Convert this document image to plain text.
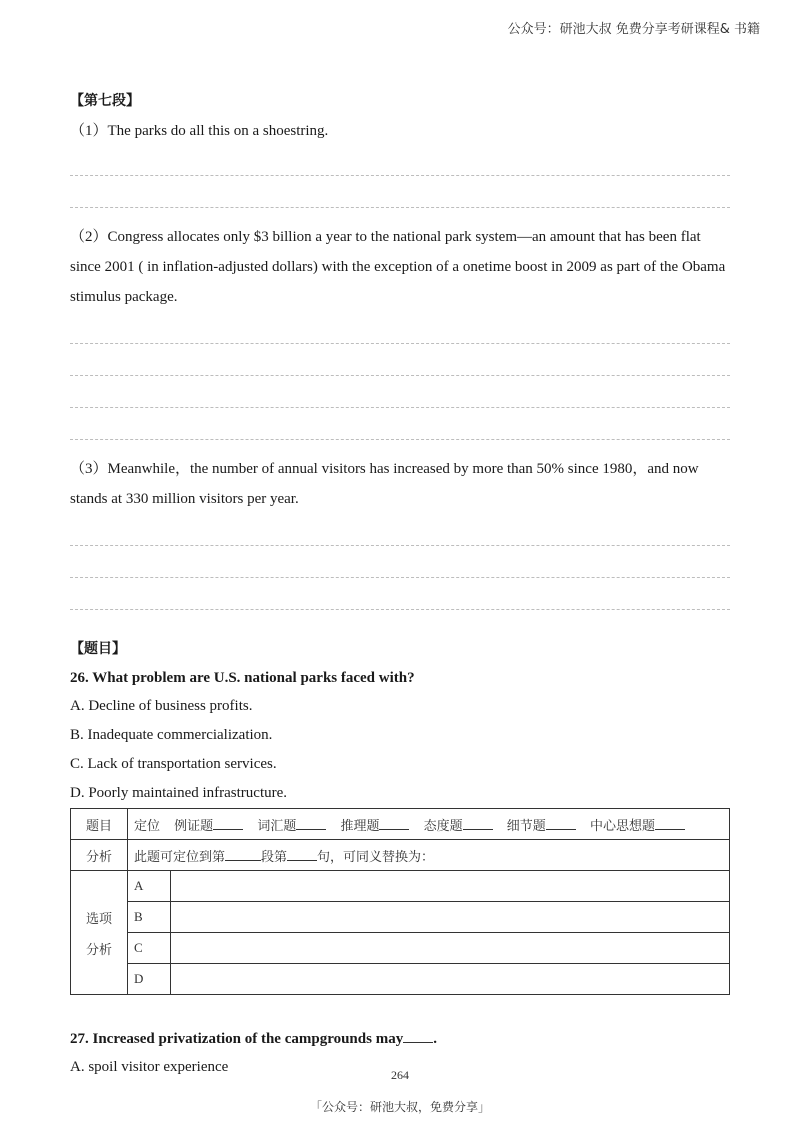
公众号：研池大叔 免费分享考研课程& 书籍
【第七段】

（1）The parks do all this on a shoestring.

（2）Congress allocates only $3 billion a year to the national park system—an amount that has been flat since 2001 ( in inflation-adjusted dollars) with the exception of a onetime boost in 2009 as part of the Obama stimulus package.

（3）Meanwhile，the number of annual visitors has increased by more than 50% since 1980，and now stands at 330 million visitors per year.

【题目】

26. What problem are U.S. national parks faced with?

A. Decline of business profits.

B. Inadequate commercialization.

C. Lack of transportation services.

D. Poorly maintained infrastructure.

题目	定位 例证题 词汇题 推理题 态度题 细节题 中心思想题	
分析	此题可定位到第 段第 句，可同义替换为：	

选项
分析	A	
	B	
	C	
	D	

27. Increased privatization of the campgrounds may .

A. spoil visitor experience	264
「公众号：研池大叔，免费分享」
